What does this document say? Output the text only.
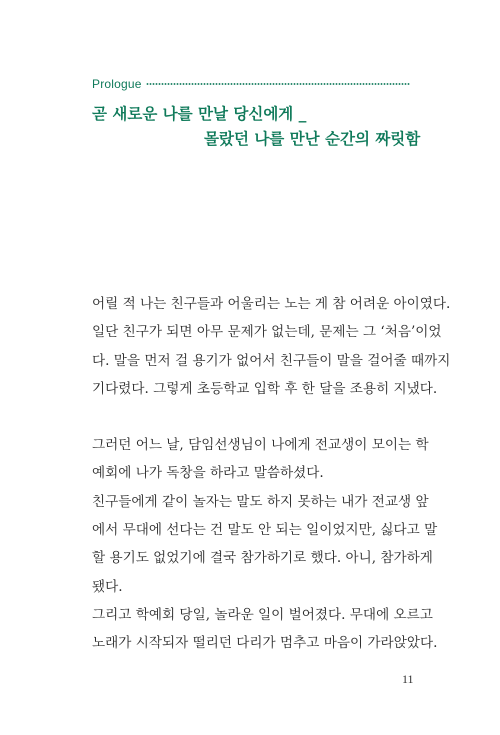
Prologue
곧 새로운 나를 만날 당신에게 _
몰랐던 나를 만난 순간의 짜릿함

어릴 적 나는 친구들과 어울리는 노는 게 참 어려운 아이였다.
일단 친구가 되면 아무 문제가 없는데, 문제는 그 ‘처음’이었
다. 말을 먼저 걸 용기가 없어서 친구들이 말을 걸어줄 때까지
기다렸다. 그렇게 초등학교 입학 후 한 달을 조용히 지냈다.

그러던 어느 날, 담임선생님이 나에게 전교생이 모이는 학
예회에 나가 독창을 하라고 말씀하셨다.

친구들에게 같이 놀자는 말도 하지 못하는 내가 전교생 앞
에서 무대에 선다는 건 말도 안 되는 일이었지만, 싫다고 말
할 용기도 없었기에 결국 참가하기로 했다. 아니, 참가하게
됐다.

그리고 학예회 당일, 놀라운 일이 벌어졌다. 무대에 오르고
노래가 시작되자 떨리던 다리가 멈추고 마음이 가라앉았다.

11
